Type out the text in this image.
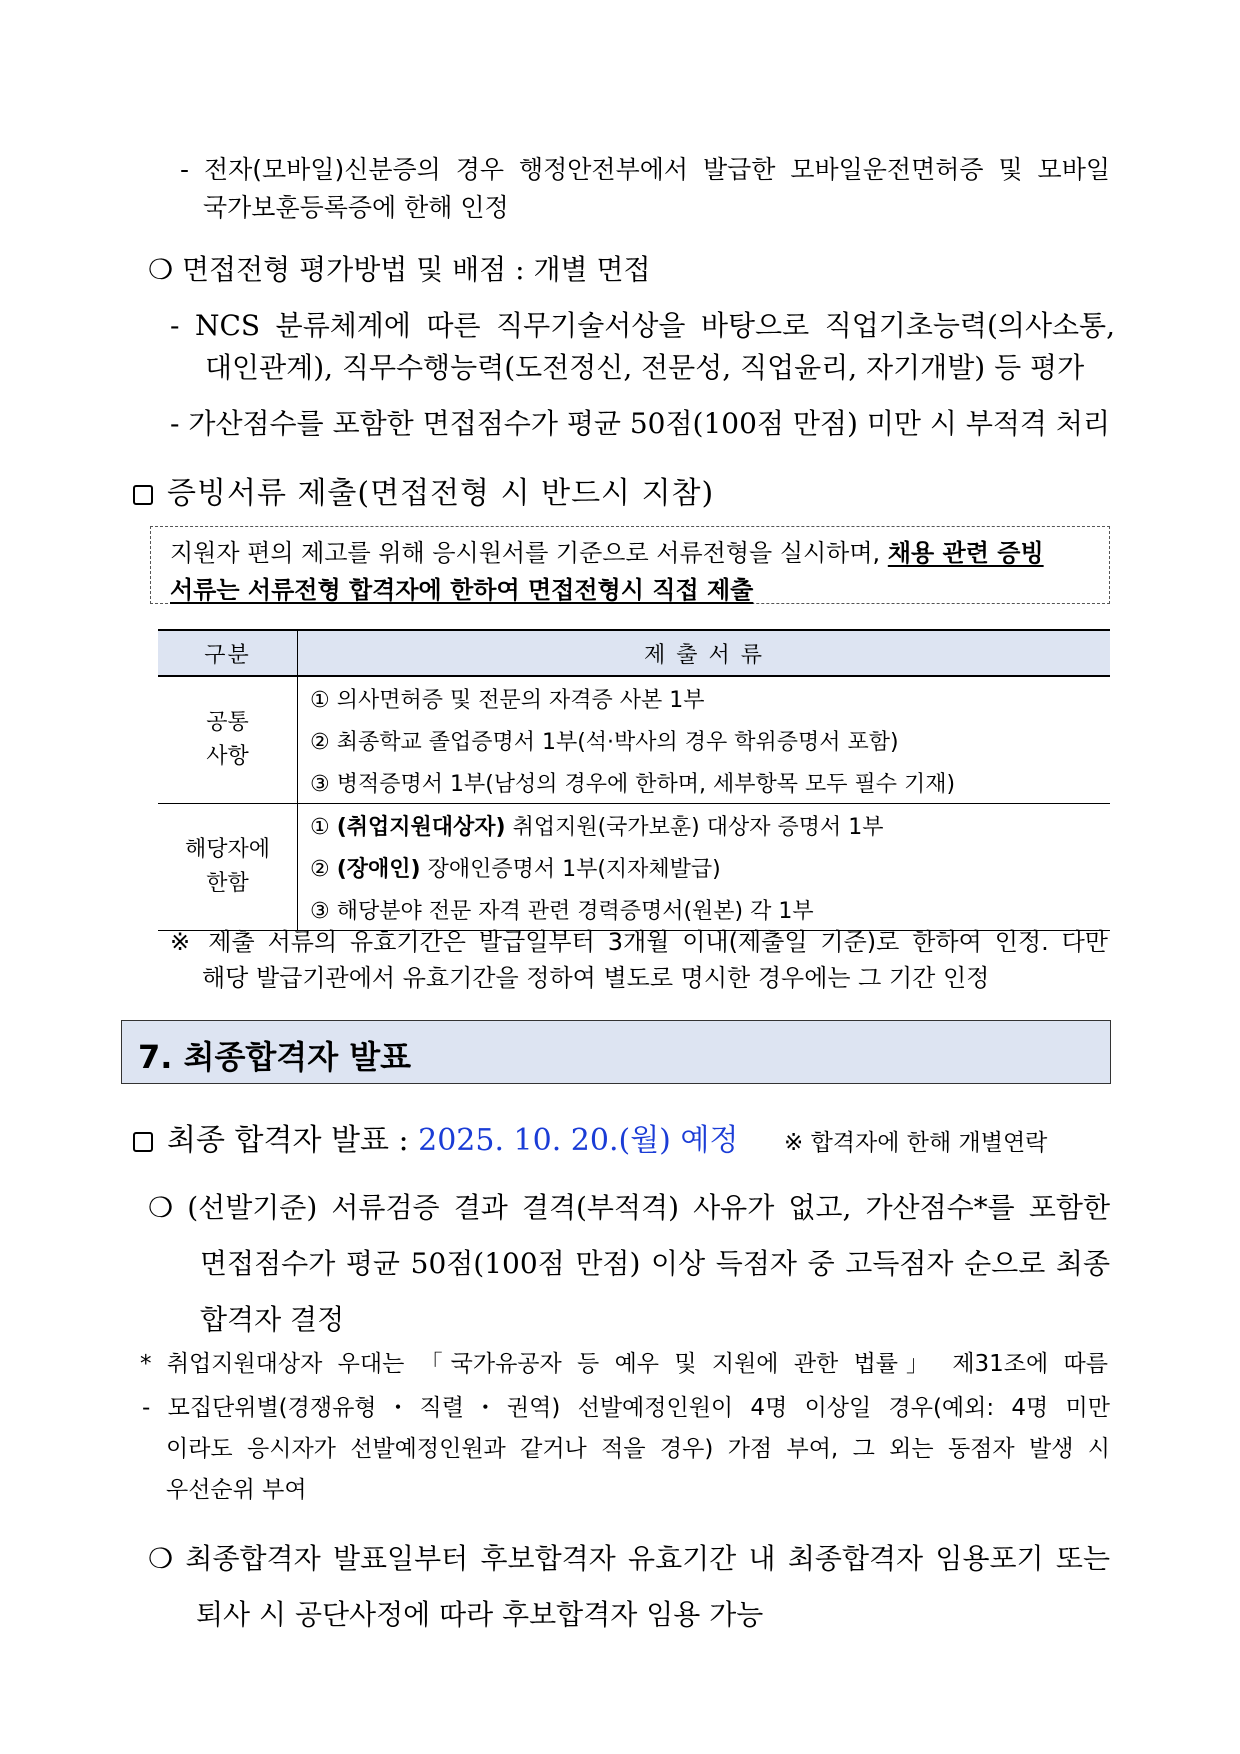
- 전자(모바일)신분증의 경우 행정안전부에서 발급한 모바일운전면허증 및 모바일
국가보훈등록증에 한해 인정
❍ 면접전형 평가방법 및 배점 : 개별 면접
- NCS 분류체계에 따른 직무기술서상을 바탕으로 직업기초능력(의사소통,
대인관계), 직무수행능력(도전정신, 전문성, 직업윤리, 자기개발) 등 평가
- 가산점수를 포함한 면접점수가 평균 50점(100점 만점) 미만 시 부적격 처리
증빙서류 제출(면접전형 시 반드시 지참)
지원자 편의 제고를 위해 응시원서를 기준으로 서류전형을 실시하며, 채용 관련 증빙
서류는 서류전형 합격자에 한하여 면접전형시 직접 제출
구분	제 출 서 류

공통
사항	① 의사면허증 및 전문의 자격증 사본 1부
	② 최종학교 졸업증명서 1부(석·박사의 경우 학위증명서 포함)
	③ 병적증명서 1부(남성의 경우에 한하며, 세부항목 모두 필수 기재)

해당자에
한함	① (취업지원대상자) 취업지원(국가보훈) 대상자 증명서 1부
	② (장애인) 장애인증명서 1부(지자체발급)
	③ 해당분야 전문 자격 관련 경력증명서(원본) 각 1부
※ 제출 서류의 유효기간은 발급일부터 3개월 이내(제출일 기준)로 한하여 인정. 다만
해당 발급기관에서 유효기간을 정하여 별도로 명시한 경우에는 그 기간 인정
7. 최종합격자 발표
최종 합격자 발표 : 2025. 10. 20.(월) 예정 ※ 합격자에 한해 개별연락
❍ (선발기준) 서류검증 결과 결격(부적격) 사유가 없고, 가산점수*를 포함한
면접점수가 평균 50점(100점 만점) 이상 득점자 중 고득점자 순으로 최종
합격자 결정
* 취업지원대상자 우대는 「국가유공자 등 예우 및 지원에 관한 법률」 제31조에 따름
- 모집단위별(경쟁유형・직렬・권역) 선발예정인원이 4명 이상일 경우(예외: 4명 미만
이라도 응시자가 선발예정인원과 같거나 적을 경우) 가점 부여, 그 외는 동점자 발생 시
우선순위 부여
❍ 최종합격자 발표일부터 후보합격자 유효기간 내 최종합격자 임용포기 또는
퇴사 시 공단사정에 따라 후보합격자 임용 가능
